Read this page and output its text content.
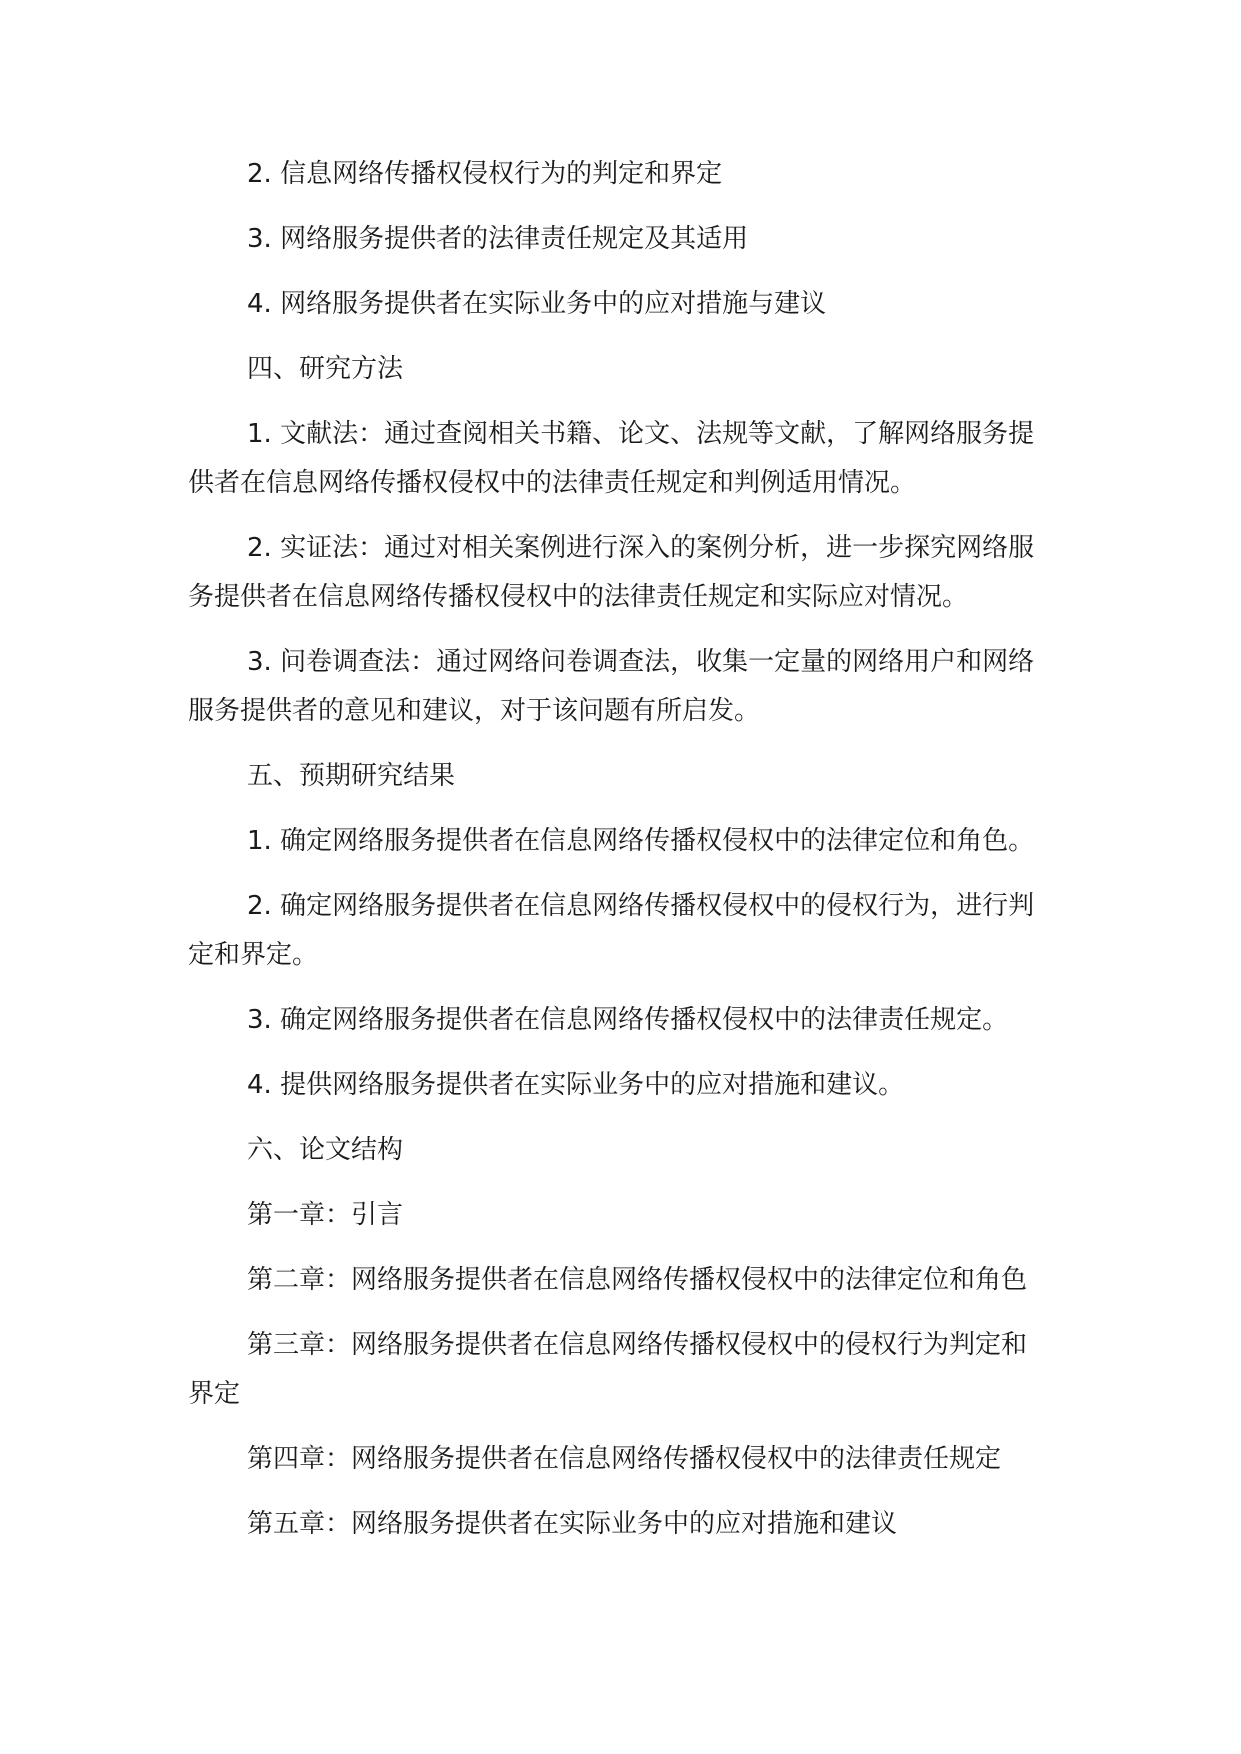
2. 信息网络传播权侵权行为的判定和界定

3. 网络服务提供者的法律责任规定及其适用

4. 网络服务提供者在实际业务中的应对措施与建议

四、研究方法

1. 文献法：通过查阅相关书籍、论文、法规等文献，了解网络服务提供者在信息网络传播权侵权中的法律责任规定和判例适用情况。

2. 实证法：通过对相关案例进行深入的案例分析，进一步探究网络服务提供者在信息网络传播权侵权中的法律责任规定和实际应对情况。

3. 问卷调查法：通过网络问卷调查法，收集一定量的网络用户和网络服务提供者的意见和建议，对于该问题有所启发。

五、预期研究结果

1. 确定网络服务提供者在信息网络传播权侵权中的法律定位和角色。

2. 确定网络服务提供者在信息网络传播权侵权中的侵权行为，进行判定和界定。

3. 确定网络服务提供者在信息网络传播权侵权中的法律责任规定。

4. 提供网络服务提供者在实际业务中的应对措施和建议。

六、论文结构

第一章：引言

第二章：网络服务提供者在信息网络传播权侵权中的法律定位和角色

第三章：网络服务提供者在信息网络传播权侵权中的侵权行为判定和界定

第四章：网络服务提供者在信息网络传播权侵权中的法律责任规定

第五章：网络服务提供者在实际业务中的应对措施和建议
